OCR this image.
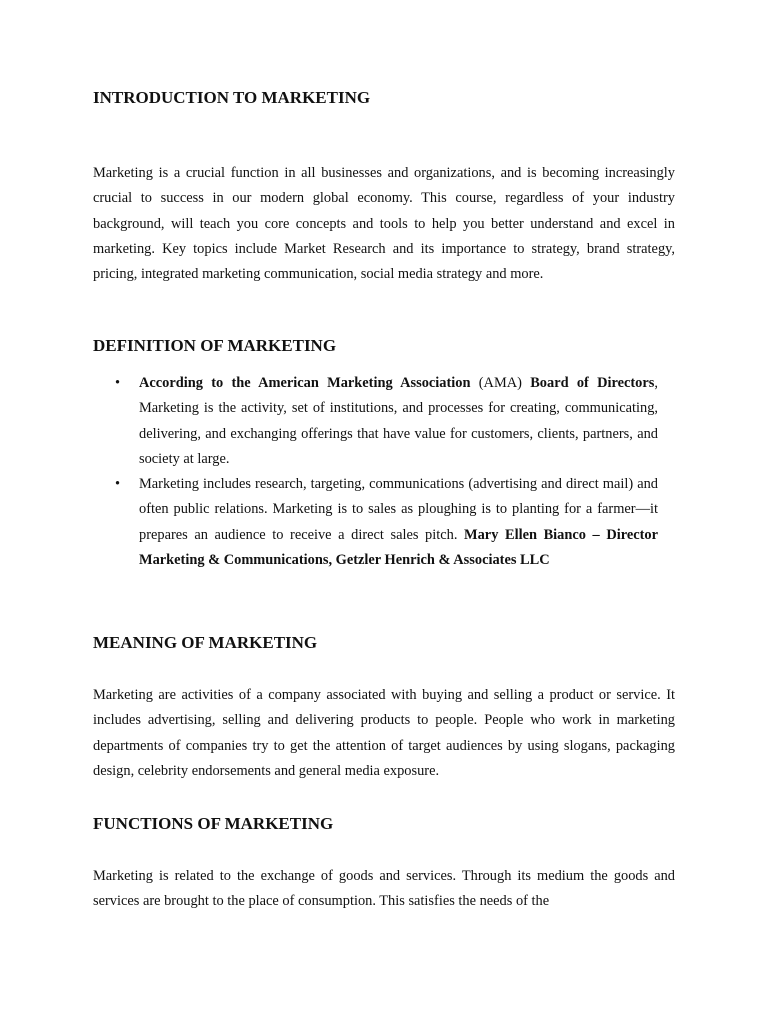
INTRODUCTION TO MARKETING

Marketing is a crucial function in all businesses and organizations, and is becoming increasingly crucial to success in our modern global economy. This course, regardless of your industry background, will teach you core concepts and tools to help you better understand and excel in marketing. Key topics include Market Research and its importance to strategy, brand strategy, pricing, integrated marketing communication, social media strategy and more.

DEFINITION OF MARKETING
• According to the American Marketing Association (AMA) Board of Directors, Marketing is the activity, set of institutions, and processes for creating, communicating, delivering, and exchanging offerings that have value for customers, clients, partners, and society at large.
• Marketing includes research, targeting, communications (advertising and direct mail) and often public relations. Marketing is to sales as ploughing is to planting for a farmer—it prepares an audience to receive a direct sales pitch. Mary Ellen Bianco – Director Marketing & Communications, Getzler Henrich & Associates LLC
MEANING OF MARKETING

Marketing are activities of a company associated with buying and selling a product or service. It includes advertising, selling and delivering products to people. People who work in marketing departments of companies try to get the attention of target audiences by using slogans, packaging design, celebrity endorsements and general media exposure.

FUNCTIONS OF MARKETING

Marketing is related to the exchange of goods and services. Through its medium the goods and services are brought to the place of consumption. This satisfies the needs of the
